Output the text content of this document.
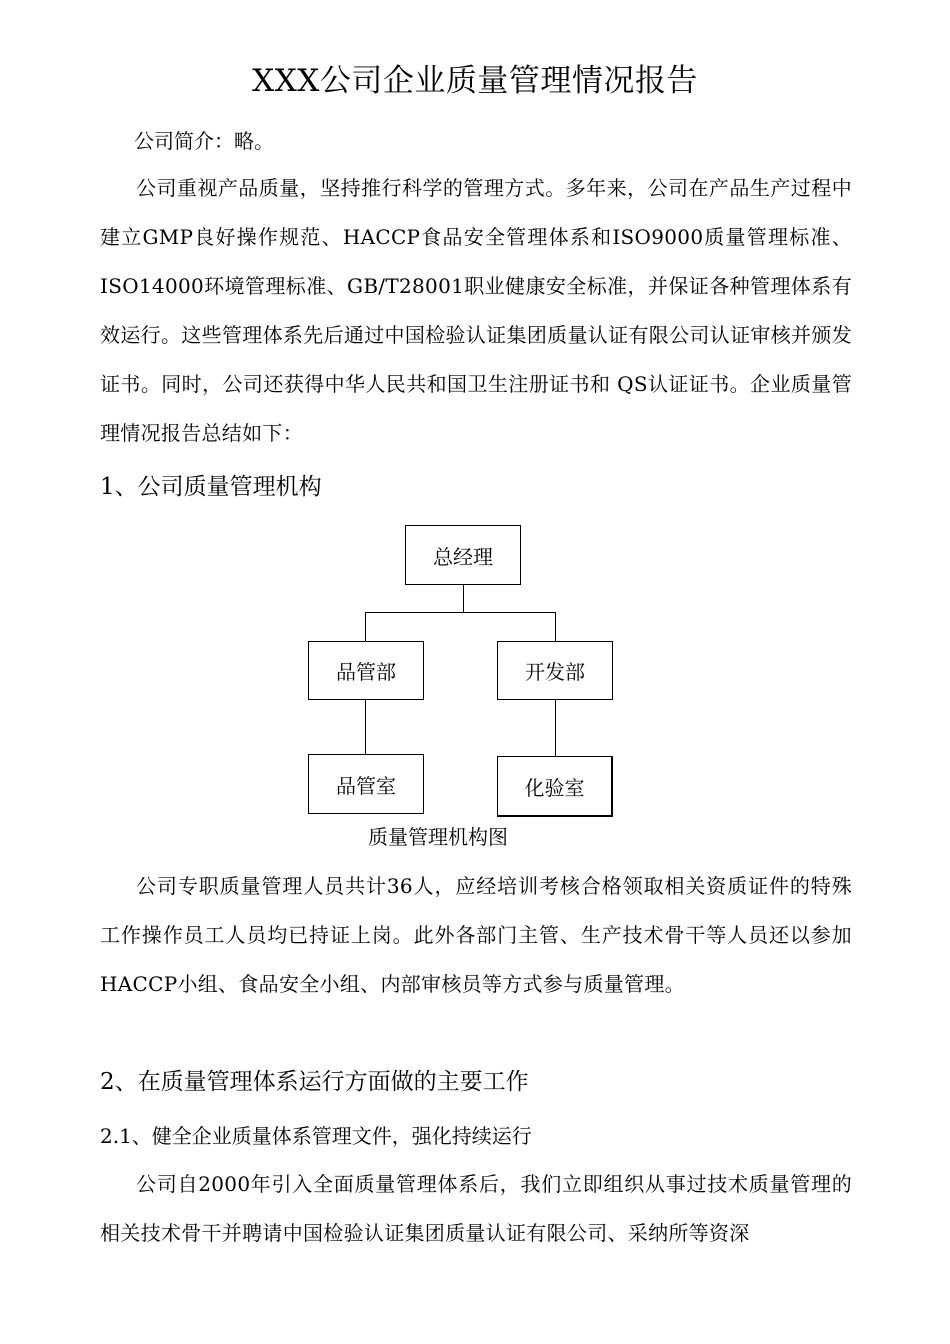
XXX公司企业质量管理情况报告

公司简介：略。

公司重视产品质量，坚持推行科学的管理方式。多年来，公司在产品生产过程中建立GMP良好操作规范、HACCP食品安全管理体系和ISO9000质量管理标准、ISO14000环境管理标准、GB/T28001职业健康安全标准，并保证各种管理体系有效运行。这些管理体系先后通过中国检验认证集团质量认证有限公司认证审核并颁发证书。同时，公司还获得中华人民共和国卫生注册证书和 QS认证证书。企业质量管理情况报告总结如下：

1、公司质量管理机构

总经理
品管部	开发部
品管室	化验室
质量管理机构图

公司专职质量管理人员共计36人，应经培训考核合格领取相关资质证件的特殊工作操作员工人员均已持证上岗。此外各部门主管、生产技术骨干等人员还以参加HACCP小组、食品安全小组、内部审核员等方式参与质量管理。

2、在质量管理体系运行方面做的主要工作

2.1、健全企业质量体系管理文件，强化持续运行

公司自2000年引入全面质量管理体系后，我们立即组织从事过技术质量管理的相关技术骨干并聘请中国检验认证集团质量认证有限公司、采纳所等资深
